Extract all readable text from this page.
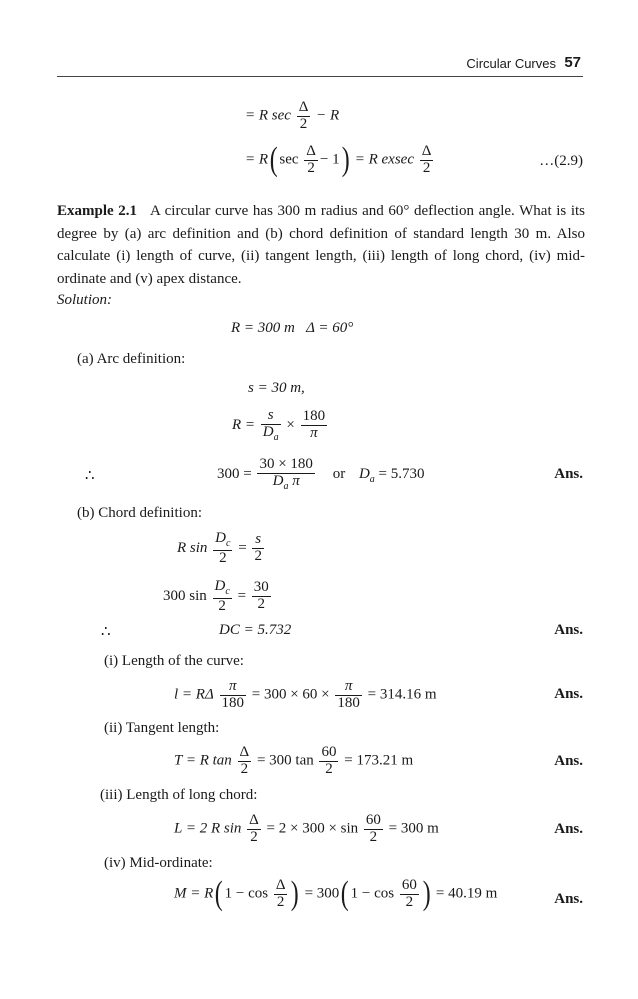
Circular Curves 57
= R $\sec \frac{\Delta}{2} - R$
= R( $\sec \frac{\Delta}{2} - 1) = R$ exsec $\frac{\Delta}{2}$	…(2.9)
Example 2.1 A circular curve has 300 m radius and 60° deflection angle. What is its degree by (a) arc definition and (b) chord definition of standard length 30 m. Also calculate (i) length of curve, (ii) tangent length, (iii) length of long chord, (iv) mid-ordinate and (v) apex distance.
Solution:
R = 300 m   Δ = 60°
(a) Arc definition:
s = 30 m,
$R = \frac{s}{D_a} \times \frac{180}{\pi}$
∴	$300 = \frac{30 \times 180}{D_a \pi}$ or $D_a = 5.730$	Ans.
(b) Chord definition:
R $\sin \frac{D_c}{2} = \frac{s}{2}$
300 $\sin \frac{D_c}{2} = \frac{30}{2}$
∴	DC = 5.732	Ans.
(i) Length of the curve:
l = RΔ $\frac{\pi}{180} = 300 \times 60 \times \frac{\pi}{180} = 314.16$ m	Ans.
(ii) Tangent length:
T = R $\tan \frac{\Delta}{2} = 300$ $\tan \frac{60}{2} = 173.21$ m	Ans.
(iii) Length of long chord:
L = 2 R $\sin \frac{\Delta}{2} = 2 \times 300 \times \sin \frac{60}{2} = 300$ m	Ans.
(iv) Mid-ordinate:
M = R( $1 - \cos \frac{\Delta}{2}$ ) = 300( $1 - \cos \frac{60}{2}$ ) = 40.19 m	Ans.
